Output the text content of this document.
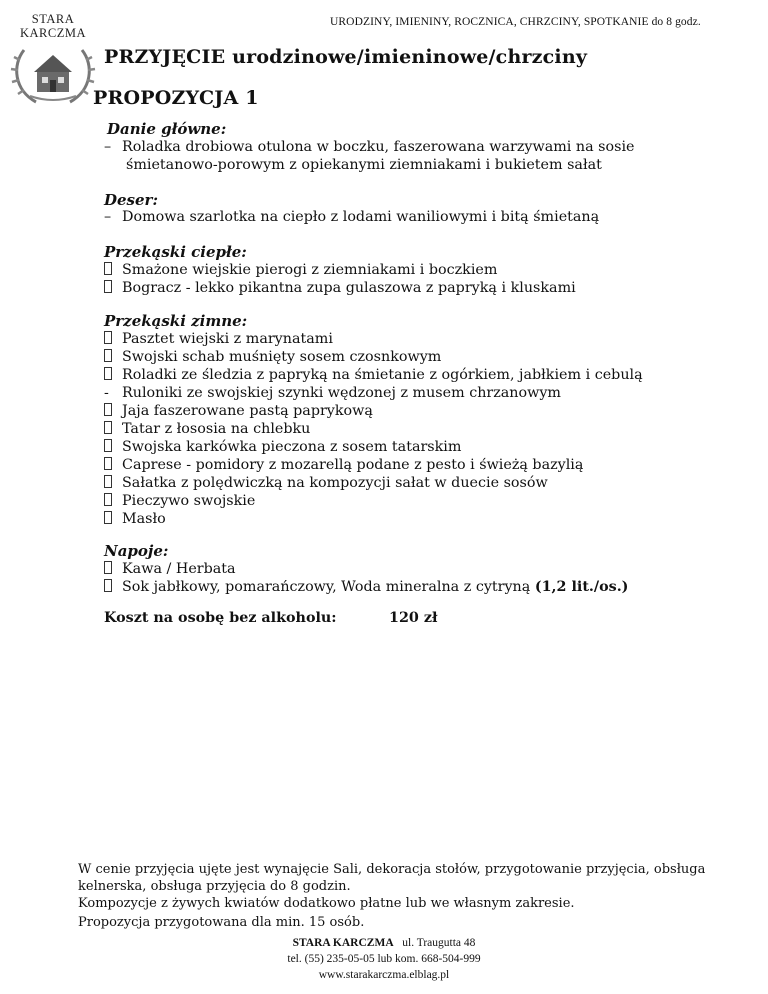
STARA
KARCZMA
URODZINY, IMIENINY, ROCZNICA, CHRZCINY, SPOTKANIE do 8 godz.
PRZYJĘCIE urodzinowe/imieninowe/chrzciny
PROPOZYCJA 1
Danie główne:
– Roladka drobiowa otulona w boczku, faszerowana warzywami na sosie
śmietanowo-porowym z opiekanymi ziemniakami i bukietem sałat
Deser:
– Domowa szarlotka na ciepło z lodami waniliowymi i bitą śmietaną
Przekąski ciepłe:
Smażone wiejskie pierogi z ziemniakami i boczkiem
Bogracz - lekko pikantna zupa gulaszowa z papryką i kluskami
Przekąski zimne:
Pasztet wiejski z marynatami
Swojski schab muśnięty sosem czosnkowym
Roladki ze śledzia z papryką na śmietanie z ogórkiem, jabłkiem i cebulą
- Ruloniki ze swojskiej szynki wędzonej z musem chrzanowym
Jaja faszerowane pastą paprykową
Tatar z łososia na chlebku
Swojska karkówka pieczona z sosem tatarskim
Caprese - pomidory z mozarellą podane z pesto i świeżą bazylią
Sałatka z polędwiczką na kompozycji sałat w duecie sosów
Pieczywo swojskie
Masło
Napoje:
Kawa / Herbata
Sok jabłkowy, pomarańczowy, Woda mineralna z cytryną (1,2 lit./os.)
Koszt na osobę bez alkoholu:	120 zł
W cenie przyjęcia ujęte jest wynajęcie Sali, dekoracja stołów, przygotowanie przyjęcia, obsługa
kelnerska, obsługa przyjęcia do 8 godzin.
Kompozycje z żywych kwiatów dodatkowo płatne lub we własnym zakresie.
Propozycja przygotowana dla min. 15 osób.
STARA KARCZMA ul. Traugutta 48
tel. (55) 235-05-05 lub kom. 668-504-999
www.starakarczma.elblag.pl
